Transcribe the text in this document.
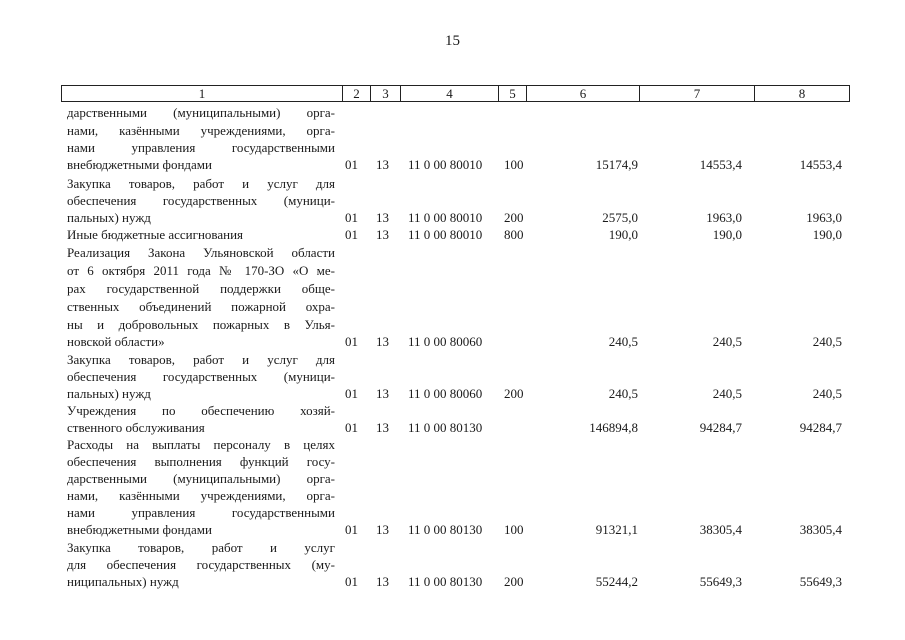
15
1	2	3	4	5	6	7	8
дарственными (муниципальными) орга-
нами, казёнными учреждениями, орга-
нами управления государственными
внебюджетными фондами	01 13 11 0 00 80010 100	15174,9	14553,4	14553,4
Закупка товаров, работ и услуг для
обеспечения государственных (муници-
пальных) нужд	01 13 11 0 00 80010 200	2575,0	1963,0	1963,0
Иные бюджетные ассигнования	01 13 11 0 00 80010 800	190,0	190,0	190,0
Реализация Закона Ульяновской области
от 6 октября 2011 года № 170-ЗО «О ме-
рах государственной поддержки обще-
ственных объединений пожарной охра-
ны и добровольных пожарных в Улья-
новской области»	01 13 11 0 00 80060	240,5	240,5	240,5
Закупка товаров, работ и услуг для
обеспечения государственных (муници-
пальных) нужд	01 13 11 0 00 80060 200	240,5	240,5	240,5
Учреждения по обеспечению хозяй-
ственного обслуживания	01 13 11 0 00 80130	146894,8	94284,7	94284,7
Расходы на выплаты персоналу в целях
обеспечения выполнения функций госу-
дарственными (муниципальными) орга-
нами, казёнными учреждениями, орга-
нами управления государственными
внебюджетными фондами	01 13 11 0 00 80130 100	91321,1	38305,4	38305,4
Закупка товаров, работ и услуг
для обеспечения государственных (му-
ниципальных) нужд	01 13 11 0 00 80130 200	55244,2	55649,3	55649,3
